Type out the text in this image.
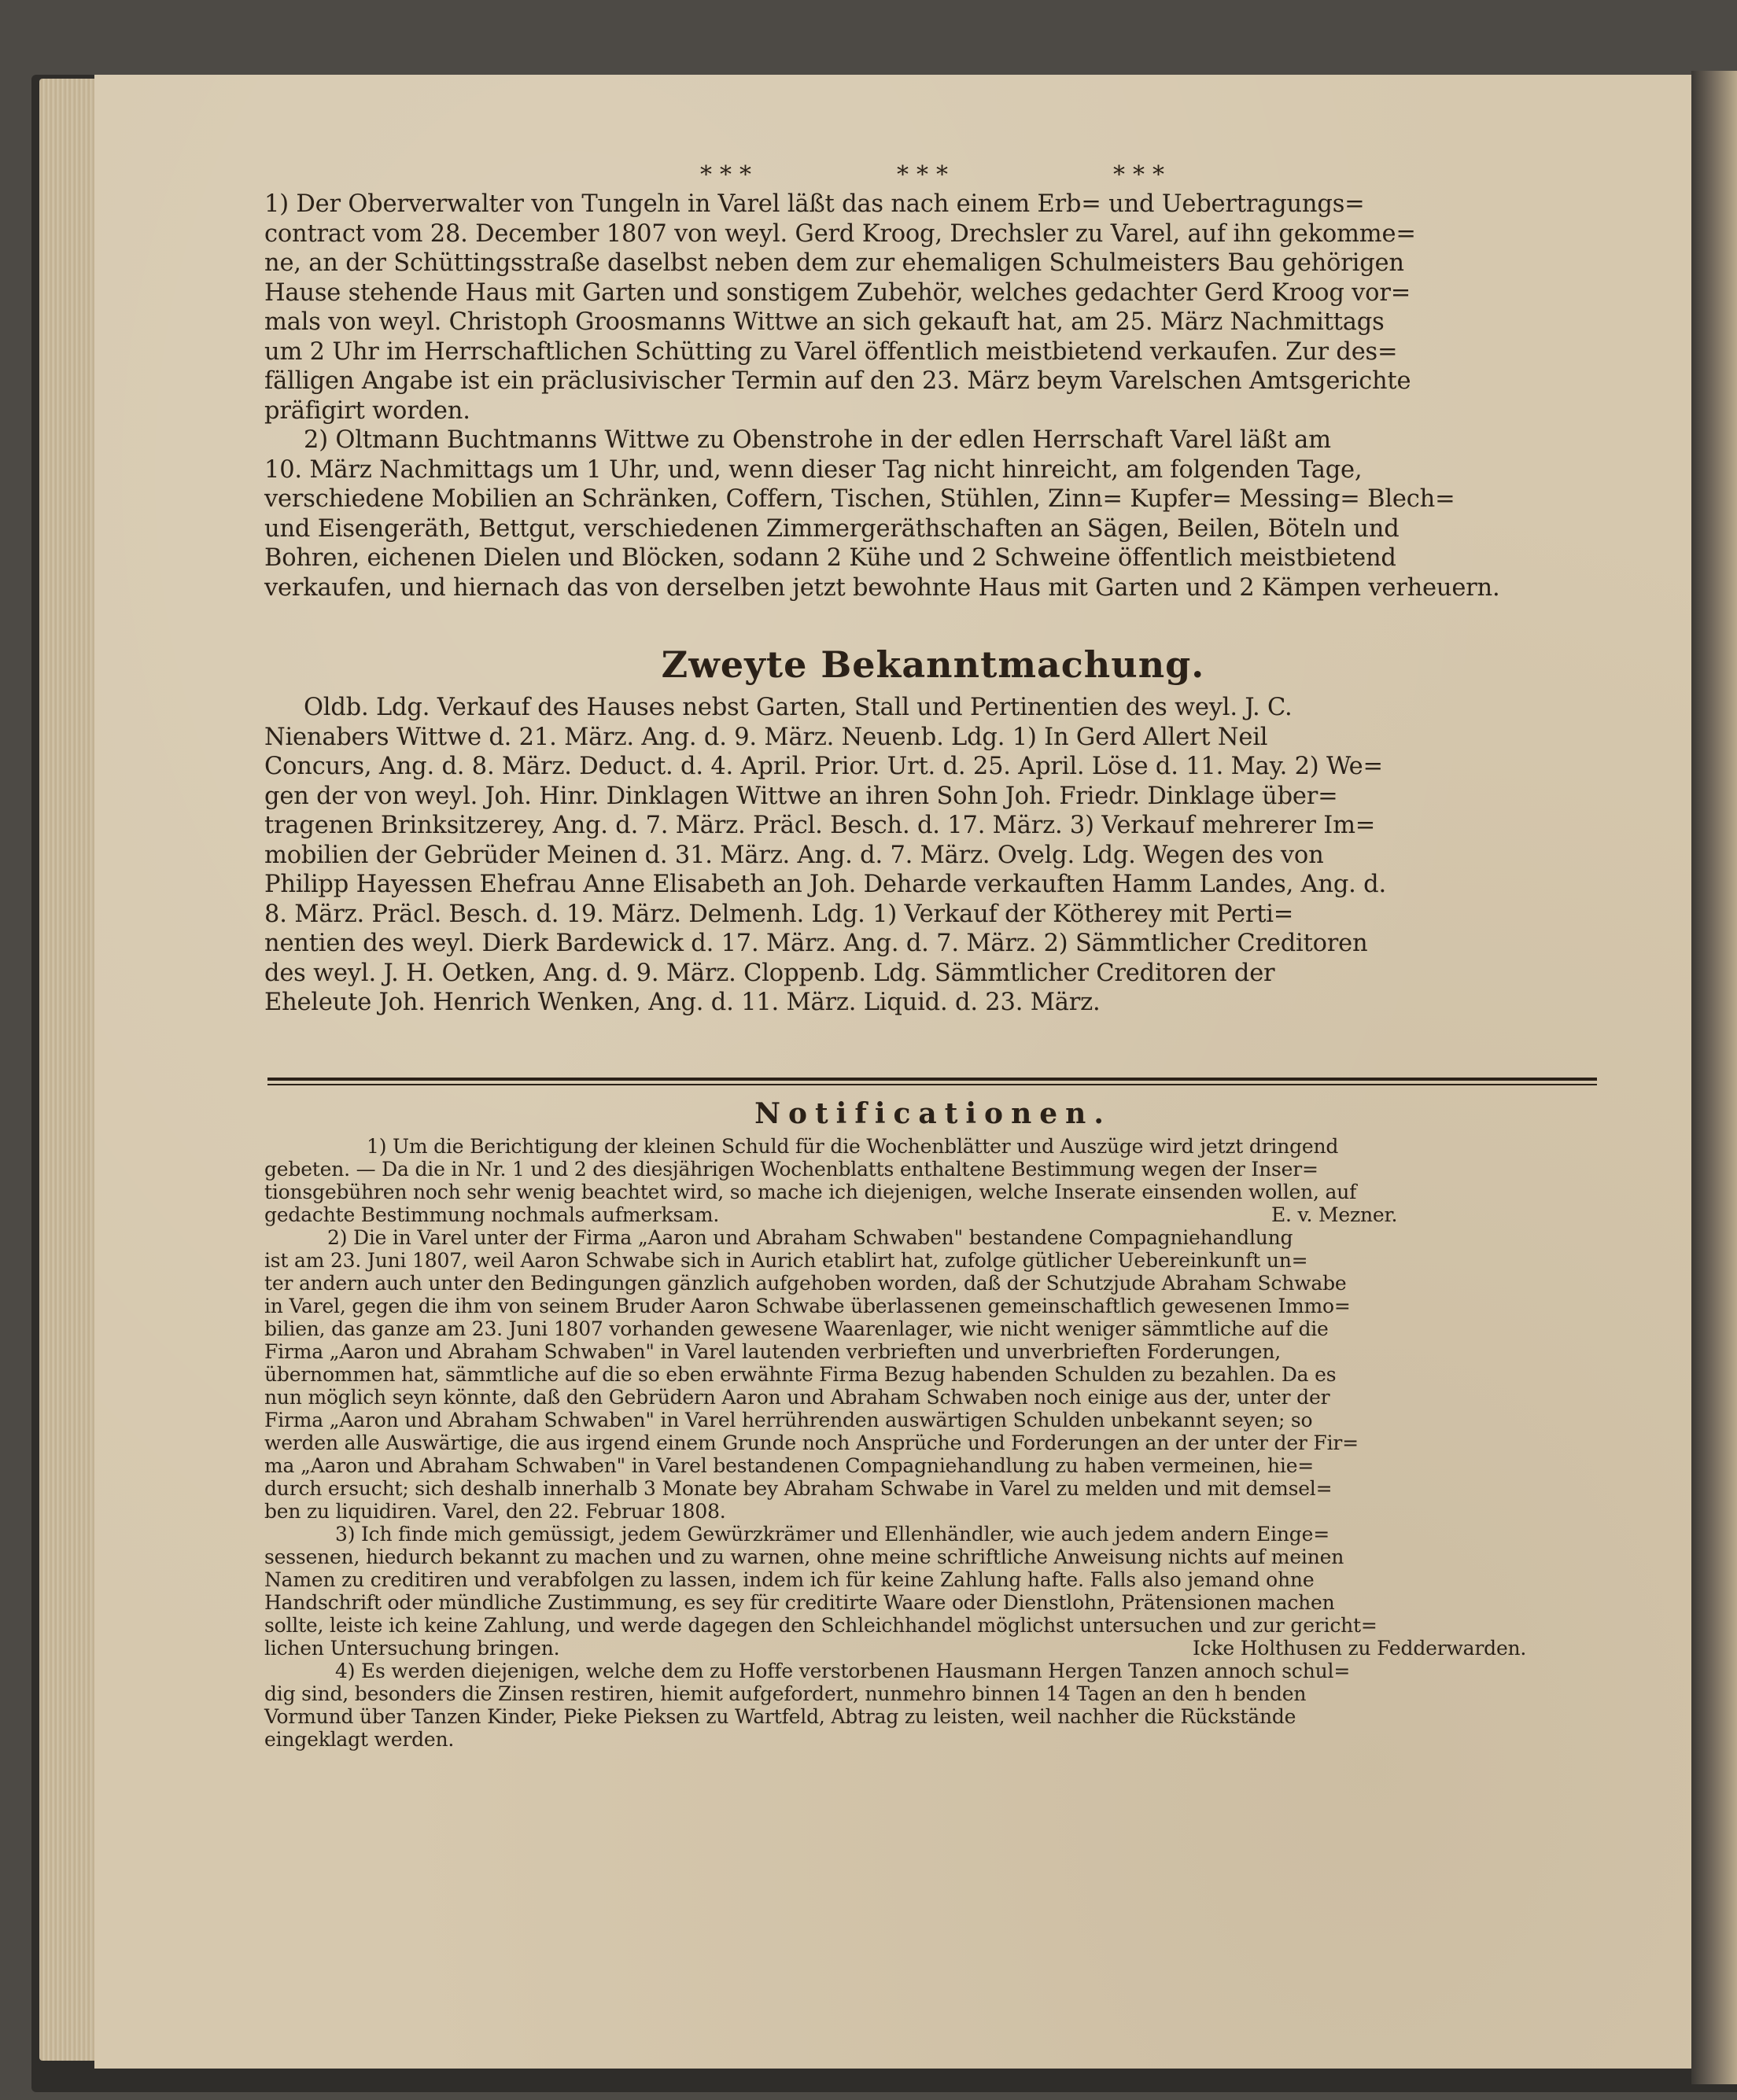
* * *	* * *	* * *
1) Der Oberverwalter von Tungeln in Varel läßt das nach einem Erb= und Uebertragungs=
contract vom 28. December 1807 von weyl. Gerd Kroog, Drechsler zu Varel, auf ihn gekomme=
ne, an der Schüttingsstraße daselbst neben dem zur ehemaligen Schulmeisters Bau gehörigen
Hause stehende Haus mit Garten und sonstigem Zubehör, welches gedachter Gerd Kroog vor=
mals von weyl. Christoph Groosmanns Wittwe an sich gekauft hat, am 25. März Nachmittags
um 2 Uhr im Herrschaftlichen Schütting zu Varel öffentlich meistbietend verkaufen. Zur des=
fälligen Angabe ist ein präclusivischer Termin auf den 23. März beym Varelschen Amtsgerichte
präfigirt worden.
2) Oltmann Buchtmanns Wittwe zu Obenstrohe in der edlen Herrschaft Varel läßt am
10. März Nachmittags um 1 Uhr, und, wenn dieser Tag nicht hinreicht, am folgenden Tage,
verschiedene Mobilien an Schränken, Coffern, Tischen, Stühlen, Zinn= Kupfer= Messing= Blech=
und Eisengeräth, Bettgut, verschiedenen Zimmergeräthschaften an Sägen, Beilen, Böteln und
Bohren, eichenen Dielen und Blöcken, sodann 2 Kühe und 2 Schweine öffentlich meistbietend
verkaufen, und hiernach das von derselben jetzt bewohnte Haus mit Garten und 2 Kämpen verheuern.
Zweyte Bekanntmachung.
Oldb. Ldg. Verkauf des Hauses nebst Garten, Stall und Pertinentien des weyl. J. C.
Nienabers Wittwe d. 21. März. Ang. d. 9. März. Neuenb. Ldg. 1) In Gerd Allert Neil
Concurs, Ang. d. 8. März. Deduct. d. 4. April. Prior. Urt. d. 25. April. Löse d. 11. May. 2) We=
gen der von weyl. Joh. Hinr. Dinklagen Wittwe an ihren Sohn Joh. Friedr. Dinklage über=
tragenen Brinksitzerey, Ang. d. 7. März. Präcl. Besch. d. 17. März. 3) Verkauf mehrerer Im=
mobilien der Gebrüder Meinen d. 31. März. Ang. d. 7. März. Ovelg. Ldg. Wegen des von
Philipp Hayessen Ehefrau Anne Elisabeth an Joh. Deharde verkauften Hamm Landes, Ang. d.
8. März. Präcl. Besch. d. 19. März. Delmenh. Ldg. 1) Verkauf der Kötherey mit Perti=
nentien des weyl. Dierk Bardewick d. 17. März. Ang. d. 7. März. 2) Sämmtlicher Creditoren
des weyl. J. H. Oetken, Ang. d. 9. März. Cloppenb. Ldg. Sämmtlicher Creditoren der
Eheleute Joh. Henrich Wenken, Ang. d. 11. März. Liquid. d. 23. März.
Notificationen.
1) Um die Berichtigung der kleinen Schuld für die Wochenblätter und Auszüge wird jetzt dringend
gebeten. — Da die in Nr. 1 und 2 des diesjährigen Wochenblatts enthaltene Bestimmung wegen der Inser=
tionsgebühren noch sehr wenig beachtet wird, so mache ich diejenigen, welche Inserate einsenden wollen, auf
gedachte Bestimmung nochmals aufmerksam.	E. v. Mezner.
2) Die in Varel unter der Firma „Aaron und Abraham Schwaben" bestandene Compagniehandlung
ist am 23. Juni 1807, weil Aaron Schwabe sich in Aurich etablirt hat, zufolge gütlicher Uebereinkunft un=
ter andern auch unter den Bedingungen gänzlich aufgehoben worden, daß der Schutzjude Abraham Schwabe
in Varel, gegen die ihm von seinem Bruder Aaron Schwabe überlassenen gemeinschaftlich gewesenen Immo=
bilien, das ganze am 23. Juni 1807 vorhanden gewesene Waarenlager, wie nicht weniger sämmtliche auf die
Firma „Aaron und Abraham Schwaben" in Varel lautenden verbrieften und unverbrieften Forderungen,
übernommen hat, sämmtliche auf die so eben erwähnte Firma Bezug habenden Schulden zu bezahlen. Da es
nun möglich seyn könnte, daß den Gebrüdern Aaron und Abraham Schwaben noch einige aus der, unter der
Firma „Aaron und Abraham Schwaben" in Varel herrührenden auswärtigen Schulden unbekannt seyen; so
werden alle Auswärtige, die aus irgend einem Grunde noch Ansprüche und Forderungen an der unter der Fir=
ma „Aaron und Abraham Schwaben" in Varel bestandenen Compagniehandlung zu haben vermeinen, hie=
durch ersucht; sich deshalb innerhalb 3 Monate bey Abraham Schwabe in Varel zu melden und mit demsel=
ben zu liquidiren. Varel, den 22. Februar 1808.
3) Ich finde mich gemüssigt, jedem Gewürzkrämer und Ellenhändler, wie auch jedem andern Einge=
sessenen, hiedurch bekannt zu machen und zu warnen, ohne meine schriftliche Anweisung nichts auf meinen
Namen zu creditiren und verabfolgen zu lassen, indem ich für keine Zahlung hafte. Falls also jemand ohne
Handschrift oder mündliche Zustimmung, es sey für creditirte Waare oder Dienstlohn, Prätensionen machen
sollte, leiste ich keine Zahlung, und werde dagegen den Schleichhandel möglichst untersuchen und zur gericht=
lichen Untersuchung bringen.	Icke Holthusen zu Fedderwarden.
4) Es werden diejenigen, welche dem zu Hoffe verstorbenen Hausmann Hergen Tanzen annoch schul=
dig sind, besonders die Zinsen restiren, hiemit aufgefordert, nunmehro binnen 14 Tagen an den h benden
Vormund über Tanzen Kinder, Pieke Pieksen zu Wartfeld, Abtrag zu leisten, weil nachher die Rückstände
eingeklagt werden.
